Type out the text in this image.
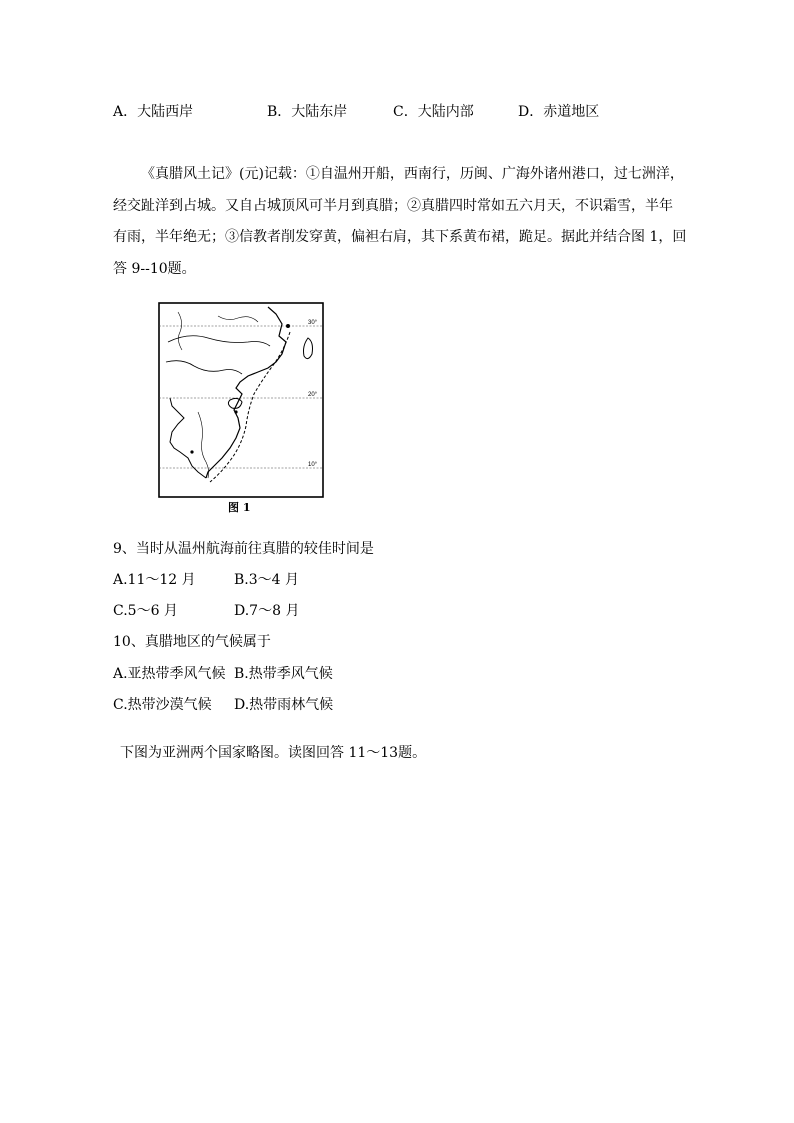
A．大陆西岸	B．大陆东岸	C．大陆内部	D．赤道地区
《真腊风土记》(元)记载：①自温州开船，西南行，历闽、广海外诸州港口，过七洲洋，
经交趾洋到占城。又自占城顶风可半月到真腊；②真腊四时常如五六月天，不识霜雪，半年
有雨，半年绝无；③信教者削发穿黄，偏袒右肩，其下系黄布裙，跪足。据此并结合图 1，回
答 9--10题。
30°
20°
10°
图 1
9、当时从温州航海前往真腊的较佳时间是
A.11～12 月	B.3～4 月
C.5～6 月	D.7～8 月
10、真腊地区的气候属于
A.亚热带季风气候 B.热带季风气候
C.热带沙漠气候 D.热带雨林气候
下图为亚洲两个国家略图。读图回答 11～13题。
